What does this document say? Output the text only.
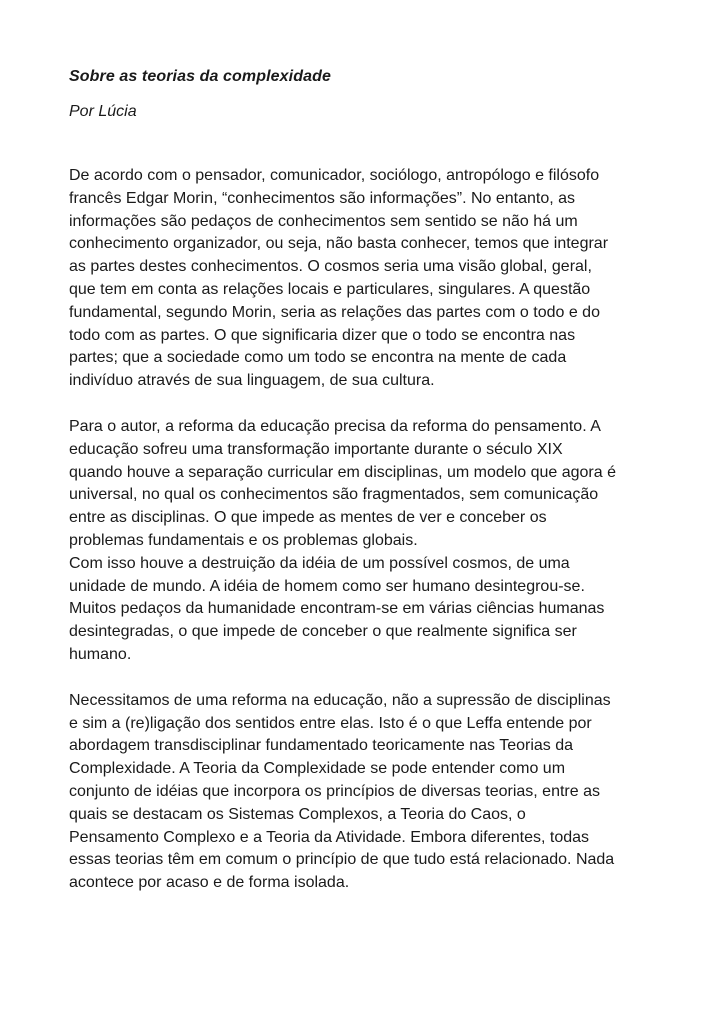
Sobre as teorias da complexidade

Por Lúcia

De acordo com o pensador, comunicador, sociólogo, antropólogo e filósofo
francês Edgar Morin, “conhecimentos são informações”. No entanto, as
informações são pedaços de conhecimentos sem sentido se não há um
conhecimento organizador, ou seja, não basta conhecer, temos que integrar
as partes destes conhecimentos. O cosmos seria uma visão global, geral,
que tem em conta as relações locais e particulares, singulares. A questão
fundamental, segundo Morin, seria as relações das partes com o todo e do
todo com as partes. O que significaria dizer que o todo se encontra nas
partes; que a sociedade como um todo se encontra na mente de cada
indivíduo através de sua linguagem, de sua cultura.

Para o autor, a reforma da educação precisa da reforma do pensamento. A
educação sofreu uma transformação importante durante o século XIX
quando houve a separação curricular em disciplinas, um modelo que agora é
universal, no qual os conhecimentos são fragmentados, sem comunicação
entre as disciplinas. O que impede as mentes de ver e conceber os
problemas fundamentais e os problemas globais.

Com isso houve a destruição da idéia de um possível cosmos, de uma
unidade de mundo. A idéia de homem como ser humano desintegrou-se.
Muitos pedaços da humanidade encontram-se em várias ciências humanas
desintegradas, o que impede de conceber o que realmente significa ser
humano.

Necessitamos de uma reforma na educação, não a supressão de disciplinas
e sim a (re)ligação dos sentidos entre elas. Isto é o que Leffa entende por
abordagem transdisciplinar fundamentado teoricamente nas Teorias da
Complexidade. A Teoria da Complexidade se pode entender como um
conjunto de idéias que incorpora os princípios de diversas teorias, entre as
quais se destacam os Sistemas Complexos, a Teoria do Caos, o
Pensamento Complexo e a Teoria da Atividade. Embora diferentes, todas
essas teorias têm em comum o princípio de que tudo está relacionado. Nada
acontece por acaso e de forma isolada.
